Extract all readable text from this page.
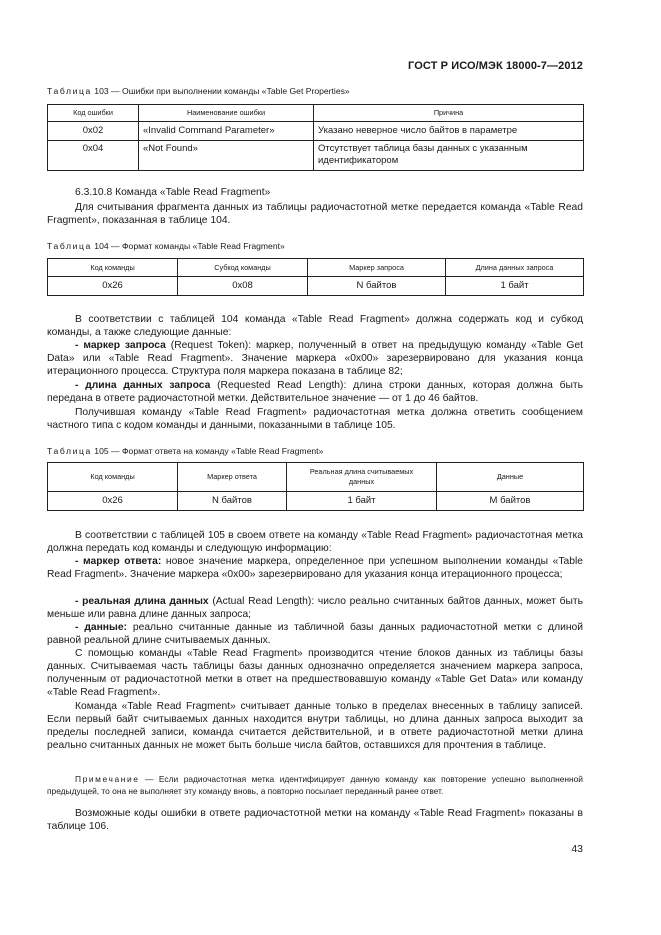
ГОСТ Р ИСО/МЭК 18000-7—2012
Таблица 103 — Ошибки при выполнении команды «Table Get Properties»
Код ошибки	Наименование ошибки	Причина
0x02	«Invalid Command Parameter»	Указано неверное число байтов в параметре
0x04	«Not Found»	Отсутствует таблица базы данных с указанным идентификатором
6.3.10.8 Команда «Table Read Fragment»
Для считывания фрагмента данных из таблицы радиочастотной метке передается команда «Table Read Fragment», показанная в таблице 104.
Таблица 104 — Формат команды «Table Read Fragment»
Код команды	Субкод команды	Маркер запроса	Длина данных запроса
0x26	0x08	N байтов	1 байт
В соответствии с таблицей 104 команда «Table Read Fragment» должна содержать код и субкод команды, а также следующие данные:
- маркер запроса (Request Token): маркер, полученный в ответ на предыдущую команду «Table Get Data» или «Table Read Fragment». Значение маркера «0x00» зарезервировано для указания конца итерационного процесса. Структура поля маркера показана в таблице 82;
- длина данных запроса (Requested Read Length): длина строки данных, которая должна быть передана в ответе радиочастотной метки. Действительное значение — от 1 до 46 байтов.
Получившая команду «Table Read Fragment» радиочастотная метка должна ответить сообщением частного типа с кодом команды и данными, показанными в таблице 105.
Таблица 105 — Формат ответа на команду «Table Read Fragment»
Код команды	Маркер ответа	Реальная длина считываемых данных	Данные
0x26	N байтов	1 байт	M байтов
В соответствии с таблицей 105 в своем ответе на команду «Table Read Fragment» радиочастотная метка должна передать код команды и следующую информацию:
- маркер ответа: новое значение маркера, определенное при успешном выполнении команды «Table Read Fragment». Значение маркера «0x00» зарезервировано для указания конца итерационного процесса;
- реальная длина данных (Actual Read Length): число реально считанных байтов данных, может быть меньше или равна длине данных запроса;
- данные: реально считанные данные из табличной базы данных радиочастотной метки с длиной равной реальной длине считываемых данных.
С помощью команды «Table Read Fragment» производится чтение блоков данных из таблицы базы данных. Считываемая часть таблицы базы данных однозначно определяется значением маркера запроса, полученным от радиочастотной метки в ответ на предшествовавшую команду «Table Get Data» или команду «Table Read Fragment».
Команда «Table Read Fragment» считывает данные только в пределах внесенных в таблицу записей. Если первый байт считываемых данных находится внутри таблицы, но длина данных запроса выходит за пределы последней записи, команда считается действительной, и в ответе радиочастотной метки длина реально считанных данных не может быть больше числа байтов, оставшихся для прочтения в таблице.
Примечание — Если радиочастотная метка идентифицирует данную команду как повторение успешно выполненной предыдущей, то она не выполняет эту команду вновь, а повторно посылает переданный ранее ответ.
Возможные коды ошибки в ответе радиочастотной метки на команду «Table Read Fragment» показаны в таблице 106.
43
